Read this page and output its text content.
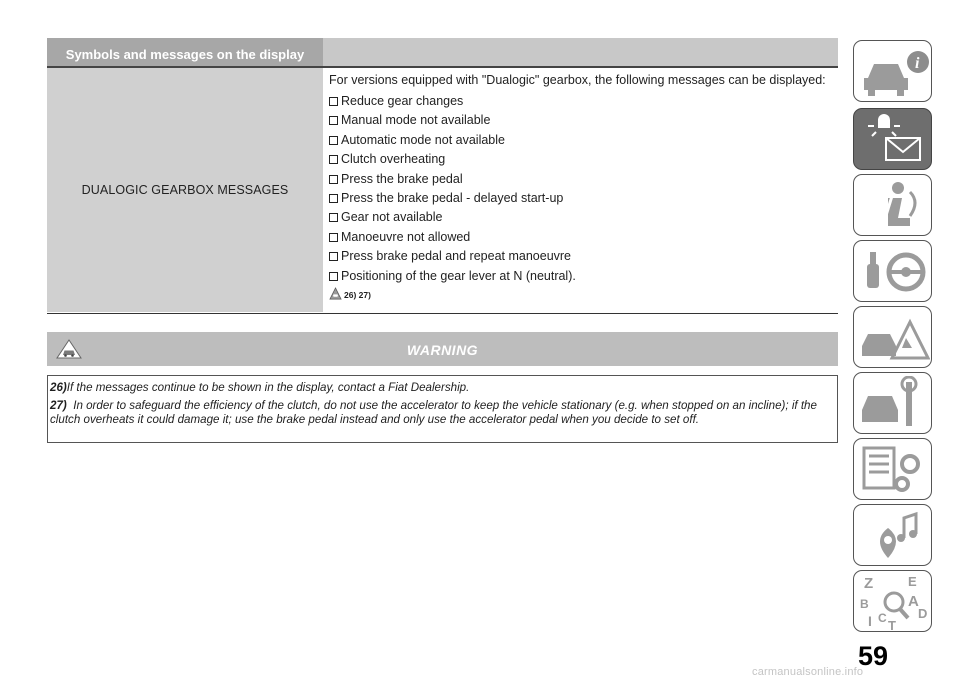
Symbols and messages on the display
DUALOGIC GEARBOX MESSAGES

For versions equipped with "Dualogic" gearbox, the following messages can be displayed:

Reduce gear changes
Manual mode not available
Automatic mode not available
Clutch overheating
Press the brake pedal
Press the brake pedal - delayed start-up
Gear not available
Manoeuvre not allowed
Press brake pedal and repeat manoeuvre
Positioning of the gear lever at N (neutral).
26) 27)
WARNING

26)If the messages continue to be shown in the display, contact a Fiat Dealership.

27) In order to safeguard the efficiency of the clutch, do not use the accelerator to keep the vehicle stationary (e.g. when stopped on an incline); if the clutch overheats it could damage it; use the brake pedal instead and only use the accelerator pedal when you decide to set off.

i
Z	E
B	A
I C T
D
59
carmanualsonline.info
